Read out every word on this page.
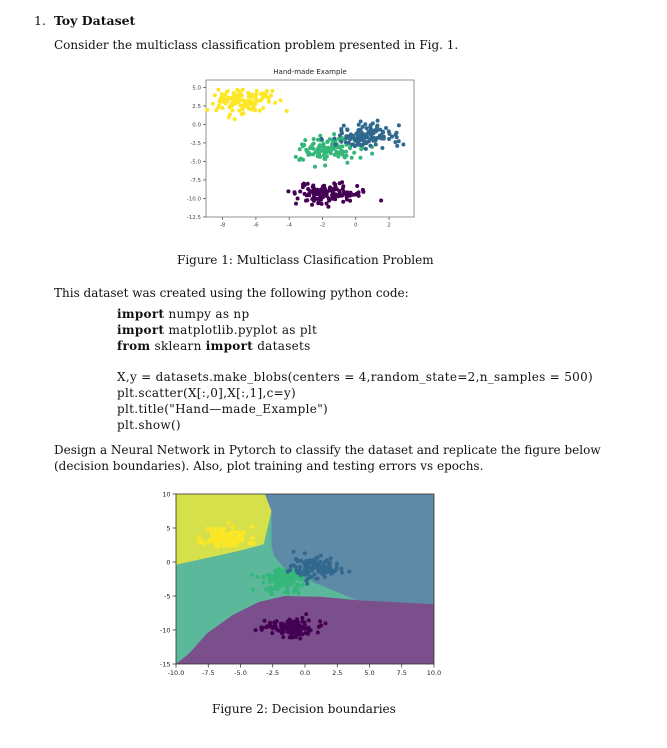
1. Toy Dataset
Consider the multiclass classification problem presented in Fig. 1.
Hand-made Example
-8	-6	-4	-2	0	2
5.0
2.5
0.0
-2.5
-5.0
-7.5
-10.0
-12.5
Figure 1: Multiclass Clasification Problem
This dataset was created using the following python code:
import numpy as np
import matplotlib.pyplot as plt
from sklearn import datasets
X,y = datasets.make_blobs(centers = 4,random_state=2,n_samples = 500)
plt.scatter(X[:,0],X[:,1],c=y)
plt.title("Hand—made_Example")
plt.show()
Design a Neural Network in Pytorch to classify the dataset and replicate the figure below
(decision boundaries). Also, plot training and testing errors vs epochs.
-10.0	-7.5	-5.0	-2.5	0.0	2.5	5.0	7.5	10.0
10
5
0
-5
-10
-15
Figure 2: Decision boundaries
